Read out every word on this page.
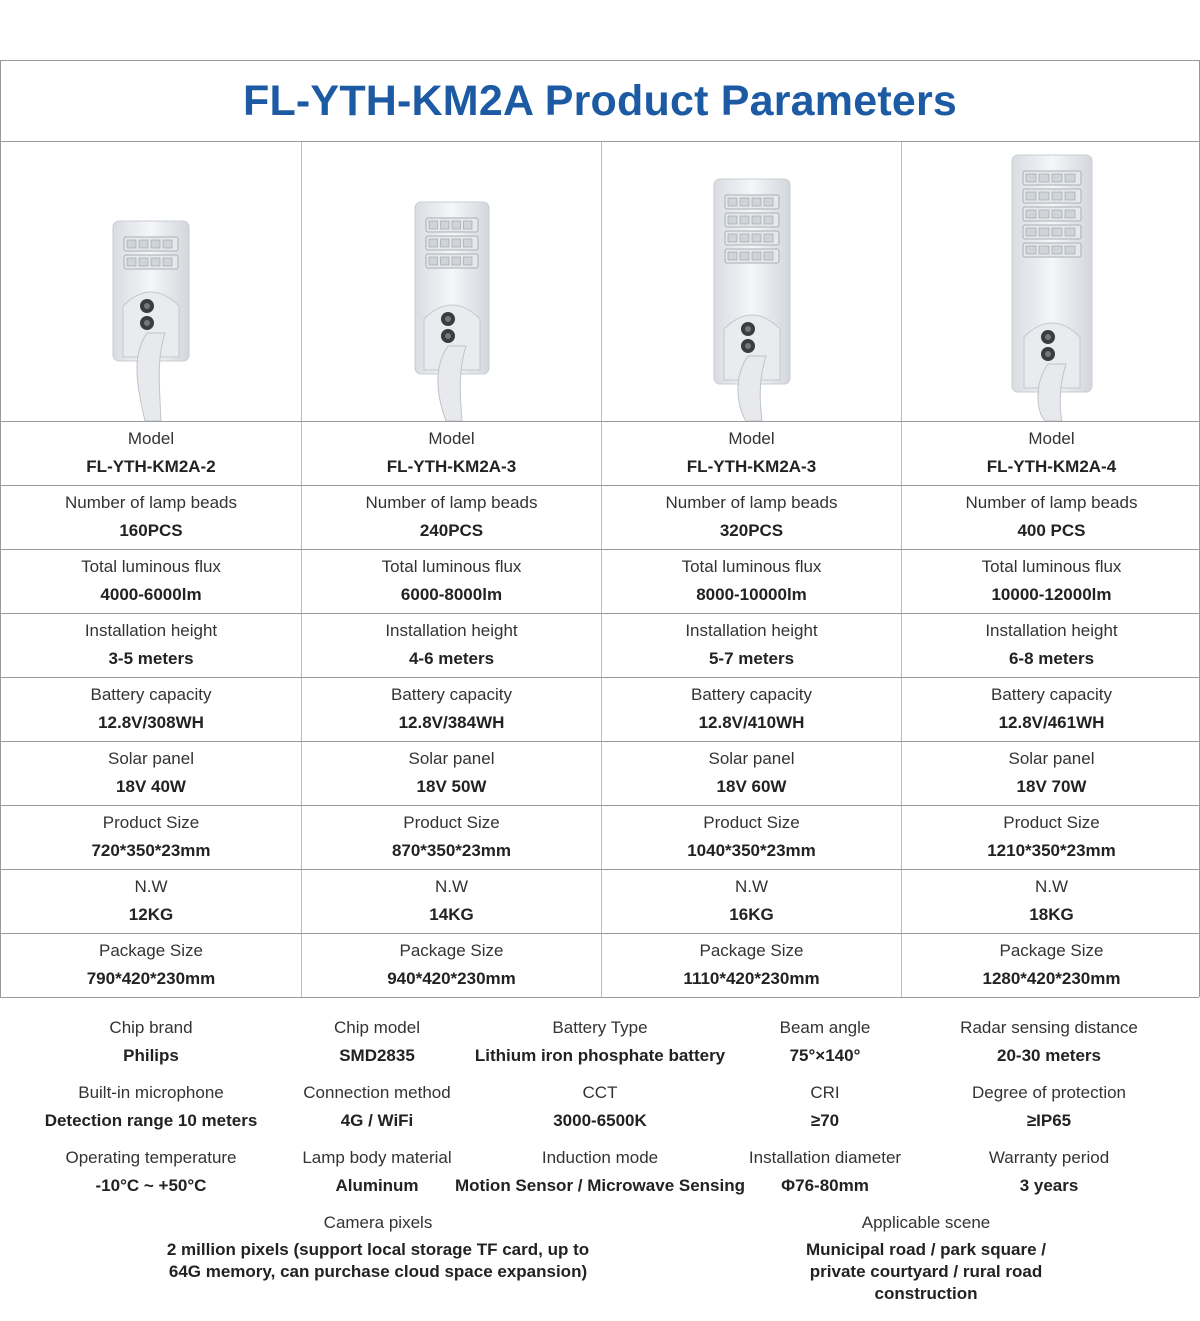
FL-YTH-KM2A Product Parameters
Model
FL-YTH-KM2A-2
Model
FL-YTH-KM2A-3
Model
FL-YTH-KM2A-3
Model
FL-YTH-KM2A-4
Number of lamp beads
160PCS
Number of lamp beads
240PCS
Number of lamp beads
320PCS
Number of lamp beads
400 PCS
Total luminous flux
4000-6000lm
Total luminous flux
6000-8000lm
Total luminous flux
8000-10000lm
Total luminous flux
10000-12000lm
Installation height
3-5 meters
Installation height
4-6 meters
Installation height
5-7 meters
Installation height
6-8 meters
Battery capacity
12.8V/308WH
Battery capacity
12.8V/384WH
Battery capacity
12.8V/410WH
Battery capacity
12.8V/461WH
Solar panel
18V 40W
Solar panel
18V 50W
Solar panel
18V 60W
Solar panel
18V 70W
Product Size
720*350*23mm
Product Size
870*350*23mm
Product Size
1040*350*23mm
Product Size
1210*350*23mm
N.W
12KG
N.W
14KG
N.W
16KG
N.W
18KG
Package Size
790*420*230mm
Package Size
940*420*230mm
Package Size
1110*420*230mm
Package Size
1280*420*230mm
Chip brand
Philips
Chip model
SMD2835
Battery Type
Lithium iron phosphate battery
Beam angle
75°×140°
Radar sensing distance
20-30 meters
Built-in microphone
Detection range 10 meters
Connection method
4G / WiFi
CCT
3000-6500K
CRI
≥70
Degree of protection
≥IP65
Operating temperature
-10°C ~ +50°C
Lamp body material
Aluminum
Induction mode
Motion Sensor / Microwave Sensing
Installation diameter
Φ76-80mm
Warranty period
3 years
Camera pixels
2 million pixels (support local storage TF card, up to
64G memory, can purchase cloud space expansion)
Applicable scene
Municipal road / park square /
private courtyard / rural road construction
